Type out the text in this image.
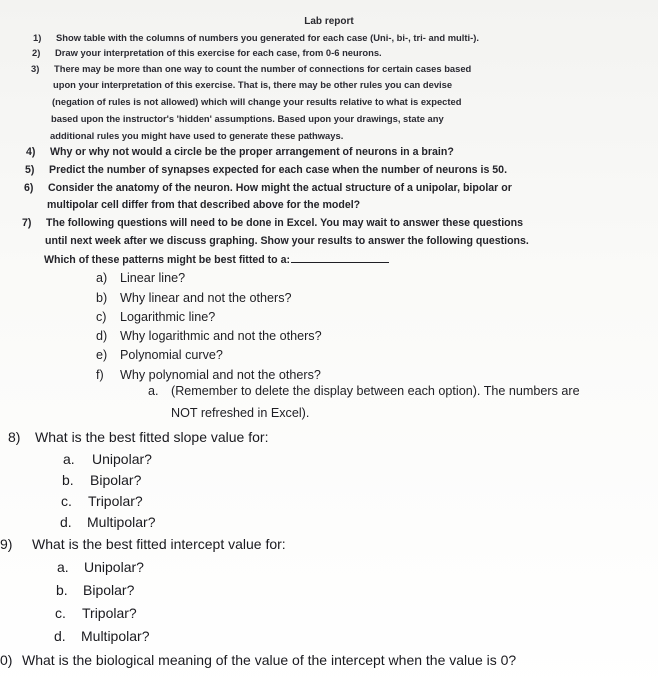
Lab report
1) Show table with the columns of numbers you generated for each case (Uni-, bi-, tri- and multi-).
2) Draw your interpretation of this exercise for each case, from 0-6 neurons.
3) There may be more than one way to count the number of connections for certain cases based
upon your interpretation of this exercise. That is, there may be other rules you can devise
(negation of rules is not allowed) which will change your results relative to what is expected
based upon the instructor's 'hidden' assumptions. Based upon your drawings, state any
additional rules you might have used to generate these pathways.
4) Why or why not would a circle be the proper arrangement of neurons in a brain?
5) Predict the number of synapses expected for each case when the number of neurons is 50.
6) Consider the anatomy of the neuron. How might the actual structure of a unipolar, bipolar or
multipolar cell differ from that described above for the model?
7) The following questions will need to be done in Excel. You may wait to answer these questions
until next week after we discuss graphing. Show your results to answer the following questions.
Which of these patterns might be best fitted to a:
a) Linear line?
b) Why linear and not the others?
c) Logarithmic line?
d) Why logarithmic and not the others?
e) Polynomial curve?
f) Why polynomial and not the others?
a. (Remember to delete the display between each option). The numbers are
NOT refreshed in Excel).
8) What is the best fitted slope value for:
a. Unipolar?
b. Bipolar?
c. Tripolar?
d. Multipolar?
9) What is the best fitted intercept value for:
a. Unipolar?
b. Bipolar?
c. Tripolar?
d. Multipolar?
0) What is the biological meaning of the value of the intercept when the value is 0?
